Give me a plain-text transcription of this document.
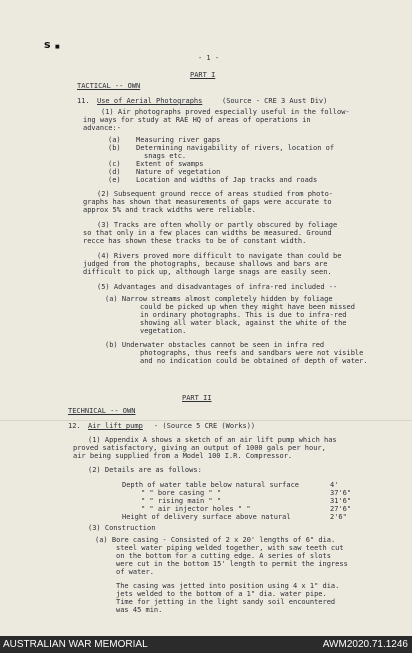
s ■

- 1 -

PART I

TACTICAL -- OWN

11. Use of Aerial Photographs	(Source - CRE 3 Aust Div)

(1) Air photographs proved especially useful in the follow-

ing ways for study at RAE HQ of areas of operations in

advance:-

(a) Measuring river gaps

(b) Determining navigability of rivers, location of

snags etc.

(c) Extent of swamps

(d) Nature of vegetation

(e) Location and widths of Jap tracks and roads

(2) Subsequent ground recce of areas studied from photo-

graphs has shown that measurements of gaps were accurate to

approx 5% and track widths were reliable.

(3) Tracks are often wholly or partly obscured by foliage

so that only in a few places can widths be measured. Ground

recce has shown these tracks to be of constant width.

(4) Rivers proved more difficult to navigate than could be

judged from the photographs, because shallows and bars are

difficult to pick up, although large snags are easily seen.

(5) Advantages and disadvantages of infra-red included --

(a) Narrow streams almost completely hidden by foliage

could be picked up when they might have been missed

in ordinary photographs. This is due to infra-red

showing all water black, against the white of the

vegetation.

(b) Underwater obstacles cannot be seen in infra red

photographs, thus reefs and sandbars were not visible

and no indication could be obtained of depth of water.

PART II

TECHNICAL -- OWN

12. Air lift pump - (Source 5 CRE (Works))

(1) Appendix A shows a sketch of an air lift pump which has

proved satisfactory, giving an output of 1000 gals per hour,

air being supplied from a Model 100 I.R. Compressor.

(2) Details are as follows:

Depth of water table below natural surface	4'

" " bore casing " "	37'6"

" " rising main " "	31'6"

" " air injector holes " "	27'6"

Height of delivery surface above natural	2'6"

(3) Construction

(a) Bore casing - Consisted of 2 x 20' lengths of 6" dia.

steel water piping welded together, with saw teeth cut

on the bottom for a cutting edge. A series of slots

were cut in the bottom 15' length to permit the ingress

of water.

The casing was jetted into position using 4 x 1" dia.

jets welded to the bottom of a 1" dia. water pipe.

Time for jetting in the light sandy soil encountered

was 45 min.

AUSTRALIAN WAR MEMORIAL	AWM2020.71.1246
